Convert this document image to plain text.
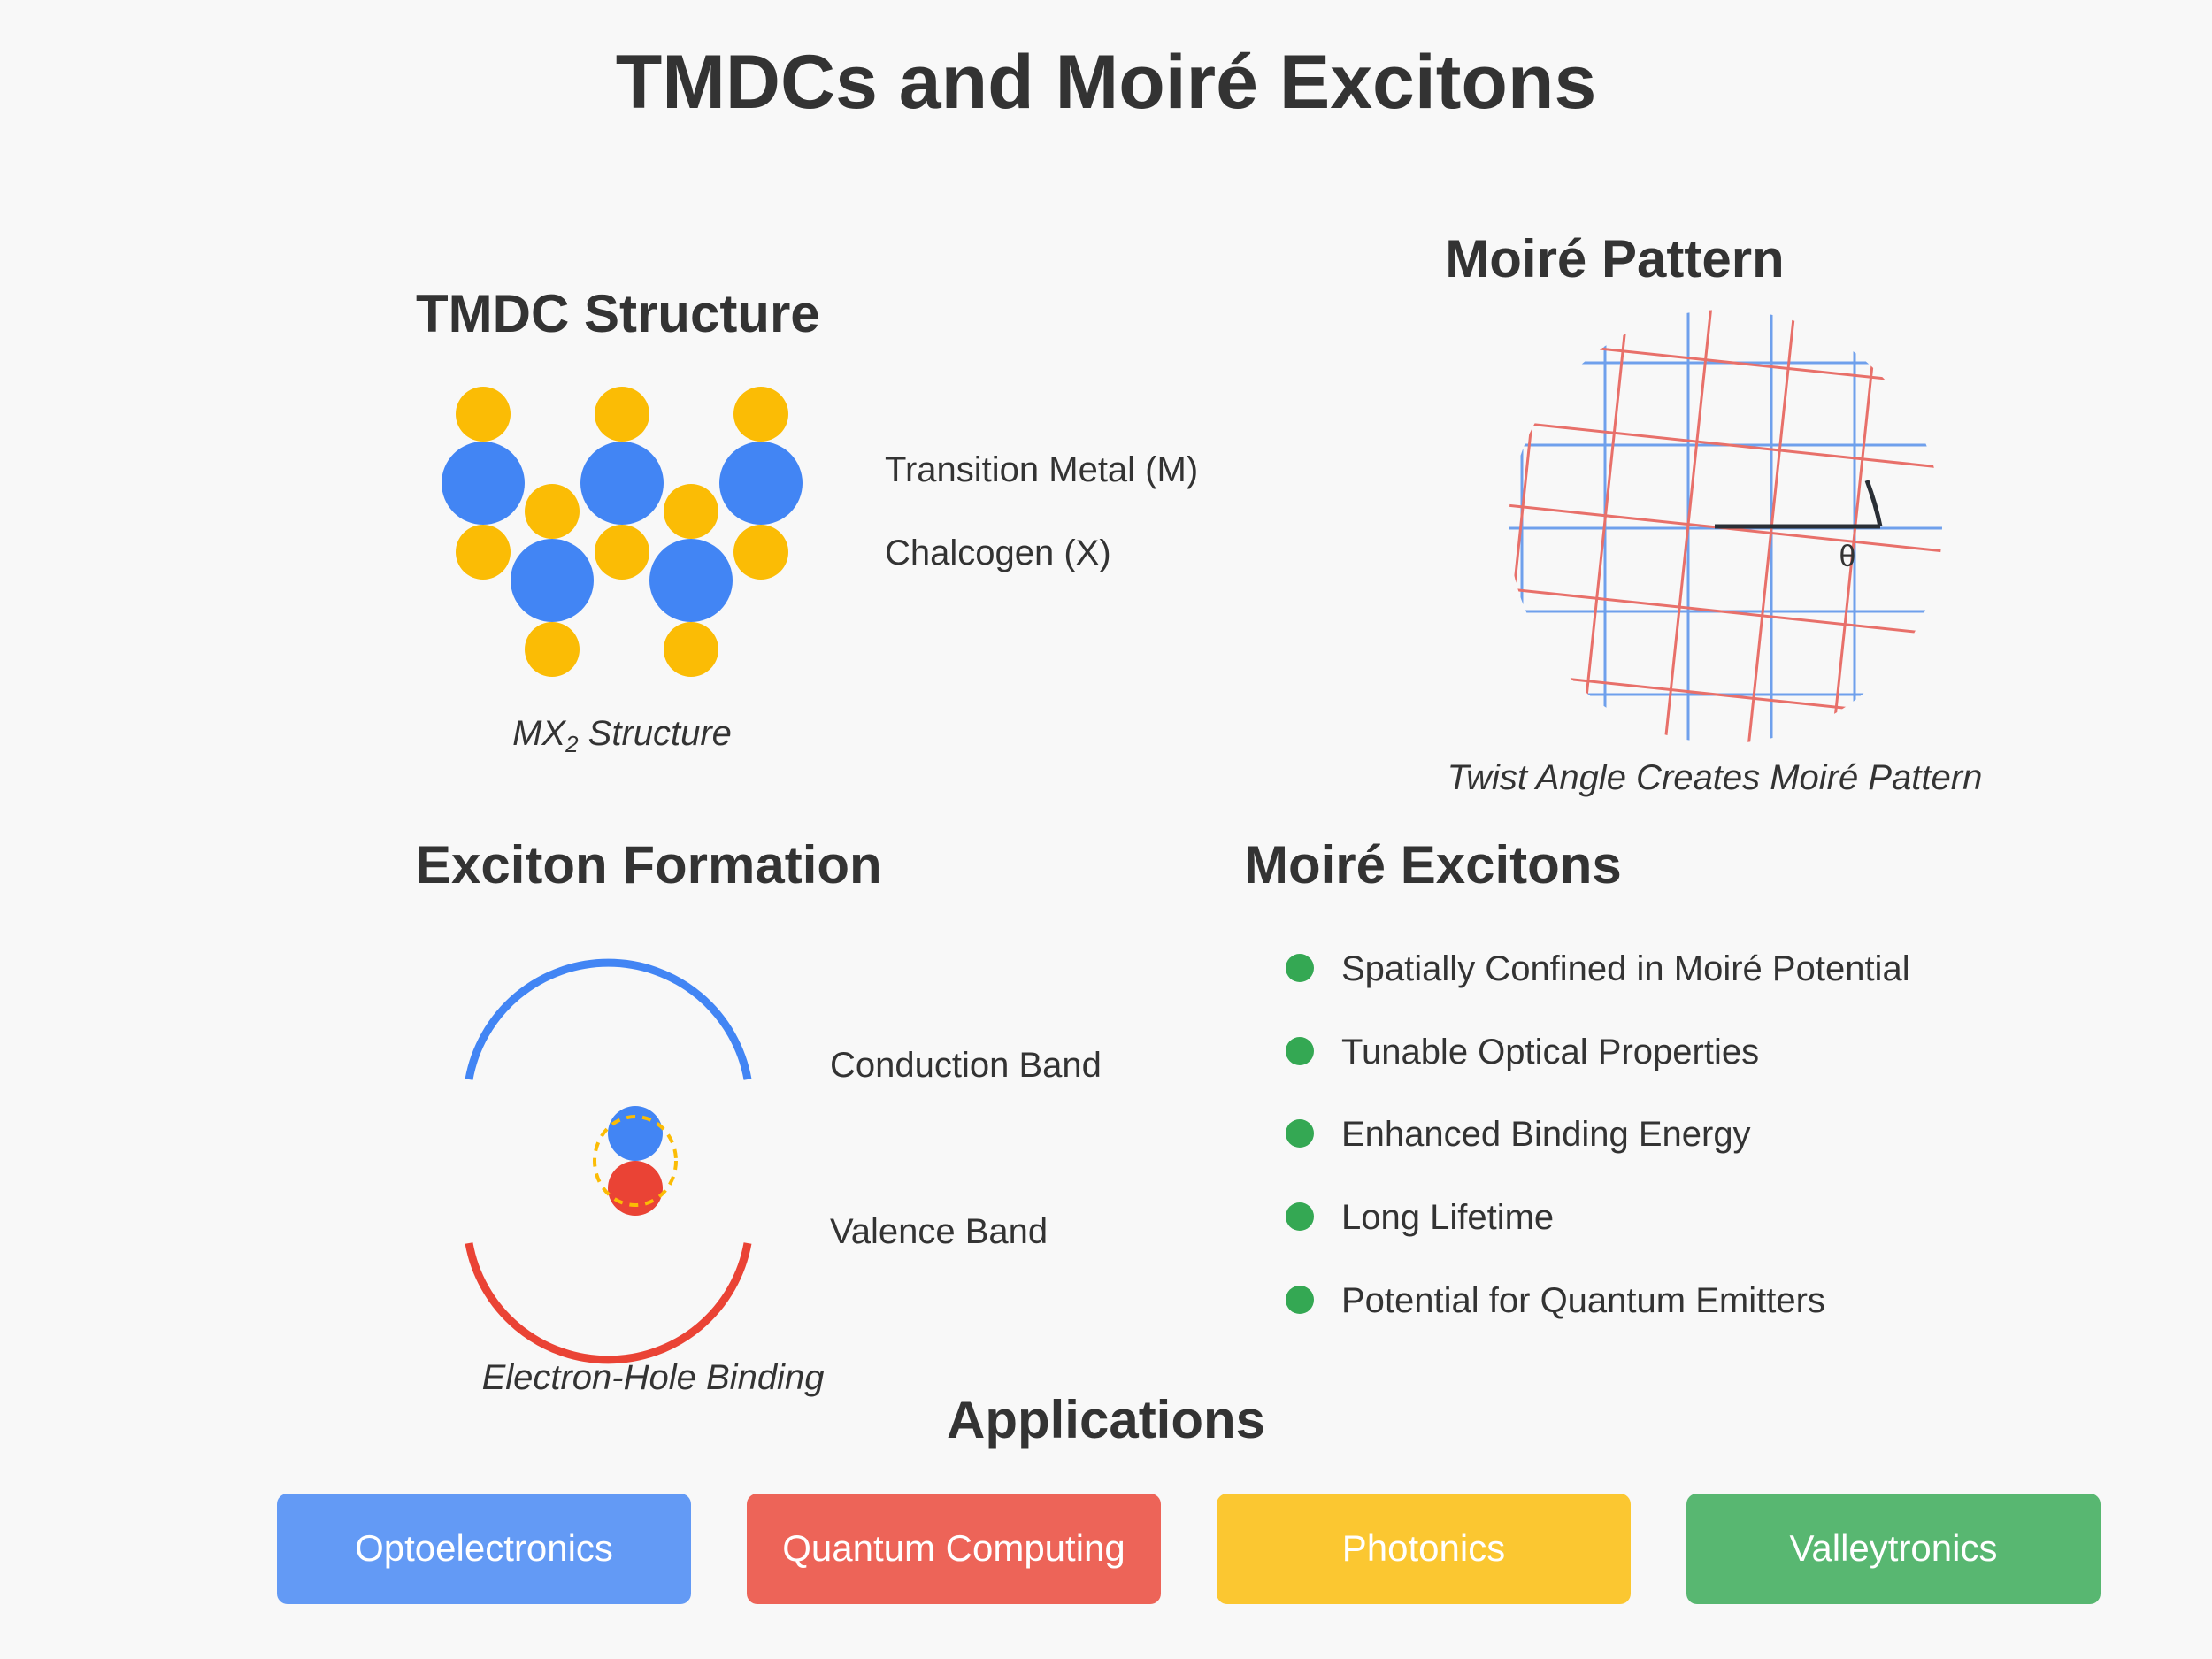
TMDCs and Moiré Excitons
TMDC Structure
Transition Metal (M)
Chalcogen (X)
$MX_2$ Structure
Moiré Pattern
θ
Twist Angle Creates Moiré Pattern
Exciton Formation
Conduction Band
Valence Band
Electron-Hole Binding
Moiré Excitons
Spatially Confined in Moiré Potential
Tunable Optical Properties
Enhanced Binding Energy
Long Lifetime
Potential for Quantum Emitters
Applications
Optoelectronics	Quantum Computing	Photonics	Valleytronics
